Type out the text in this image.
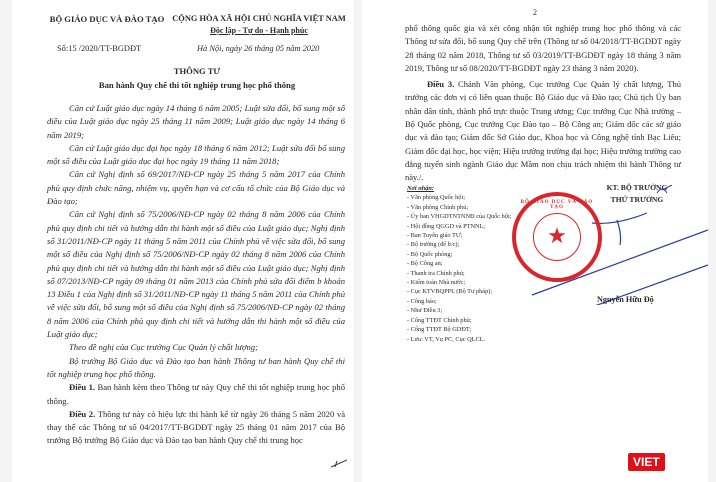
BỘ GIÁO DỤC VÀ ĐÀO TẠO CỘNG HÒA XÃ HỘI CHỦ NGHĨA VIỆT NAM
Độc lập - Tự do - Hạnh phúc
Số:15 /2020/TT-BGDĐT	Hà Nội, ngày 26 tháng 05 năm 2020
THÔNG TƯ
Ban hành Quy chế thi tốt nghiệp trung học phổ thông

Căn cứ Luật giáo dục ngày 14 tháng 6 năm 2005; Luật sửa đổi, bổ sung một số điều của Luật giáo dục ngày 25 tháng 11 năm 2009; Luật giáo dục ngày 14 tháng 6 năm 2019;

Căn cứ Luật giáo dục đại học ngày 18 tháng 6 năm 2012; Luật sửa đổi bổ sung một số điều của Luật giáo dục đại học ngày 19 tháng 11 năm 2018;

Căn cứ Nghị định số 69/2017/NĐ-CP ngày 25 tháng 5 năm 2017 của Chính phủ quy định chức năng, nhiệm vụ, quyền hạn và cơ cấu tổ chức của Bộ Giáo dục và Đào tạo;

Căn cứ Nghị định số 75/2006/NĐ-CP ngày 02 tháng 8 năm 2006 của Chính phủ quy định chi tiết và hướng dẫn thi hành một số điều của Luật giáo dục; Nghị định số 31/2011/NĐ-CP ngày 11 tháng 5 năm 2011 của Chính phủ về việc sửa đổi, bổ sung một số điều của Nghị định số 75/2006/NĐ-CP ngày 02 tháng 8 năm 2006 của Chính phủ quy định chi tiết và hướng dẫn thi hành một số điều của Luật giáo dục; Nghị định số 07/2013/NĐ-CP ngày 09 tháng 01 năm 2013 của Chính phủ sửa đổi điểm b khoản 13 Điều 1 của Nghị định số 31/2011/NĐ-CP ngày 11 tháng 5 năm 2011 của Chính phủ về việc sửa đổi, bổ sung một số điều của Nghị định số 75/2006/NĐ-CP ngày 02 tháng 8 năm 2006 của Chính phủ quy định chi tiết và hướng dẫn thi hành một số điều của Luật giáo dục;

Theo đề nghị của Cục trưởng Cục Quản lý chất lượng;

Bộ trưởng Bộ Giáo dục và Đào tạo ban hành Thông tư ban hành Quy chế thi tốt nghiệp trung học phổ thông.

Điều 1. Ban hành kèm theo Thông tư này Quy chế thi tốt nghiệp trung học phổ thông.

Điều 2. Thông tư này có hiệu lực thi hành kể từ ngày 26 tháng 5 năm 2020 và thay thế các Thông tư số 04/2017/TT-BGDĐT ngày 25 tháng 01 năm 2017 của Bộ trưởng Bộ trưởng Bộ Giáo dục và Đào tạo ban hành Quy chế thi trung học

2

phổ thông quốc gia và xét công nhận tốt nghiệp trung học phổ thông và các Thông tư sửa đổi, bổ sung Quy chế trên (Thông tư số 04/2018/TT-BGDĐT ngày 28 tháng 02 năm 2018, Thông tư số 03/2019/TT-BGDĐT ngày 18 tháng 3 năm 2019, Thông tư số 08/2020/TT-BGDĐT ngày 23 tháng 3 năm 2020).

Điều 3. Chánh Văn phòng, Cục trưởng Cục Quản lý chất lượng, Thủ trưởng các đơn vị có liên quan thuộc Bộ Giáo dục và Đào tạo; Chủ tịch Ủy ban nhân dân tỉnh, thành phố trực thuộc Trung ương; Cục trưởng Cục Nhà trường – Bộ Quốc phòng, Cục trưởng Cục Đào tạo – Bộ Công an; Giám đốc các sở giáo dục và đào tạo; Giám đốc Sở Giáo dục, Khoa học và Công nghệ tỉnh Bạc Liêu; Giám đốc đại học, học viện; Hiệu trưởng trường đại học; Hiệu trưởng trường cao đẳng tuyển sinh ngành Giáo dục Mầm non chịu trách nhiệm thi hành Thông tư này./.

Nơi nhận:
- Văn phòng Quốc hội;
- Văn phòng Chính phủ;
- Ủy ban VHGDTNTNNĐ của Quốc hội;
- Hội đồng QGGD và PTNNL;
- Ban Tuyên giáo TƯ;
- Bộ trưởng (để b/c);
- Bộ Quốc phòng;
- Bộ Công an;
- Thanh tra Chính phủ;
- Kiểm toán Nhà nước;
- Cục KTVBQPPL (Bộ Tư pháp);
- Công báo;
- Như Điều 3;
- Cổng TTĐT Chính phủ;
- Cổng TTĐT Bộ GDĐT;
- Lưu: VT, Vụ PC, Cục QLCL.
KT. BỘ TRƯỞNG
THỨ TRƯỞNG
Nguyễn Hữu Độ
BỘ GIÁO DỤC VÀ ĐÀO TẠO
★
VIET
